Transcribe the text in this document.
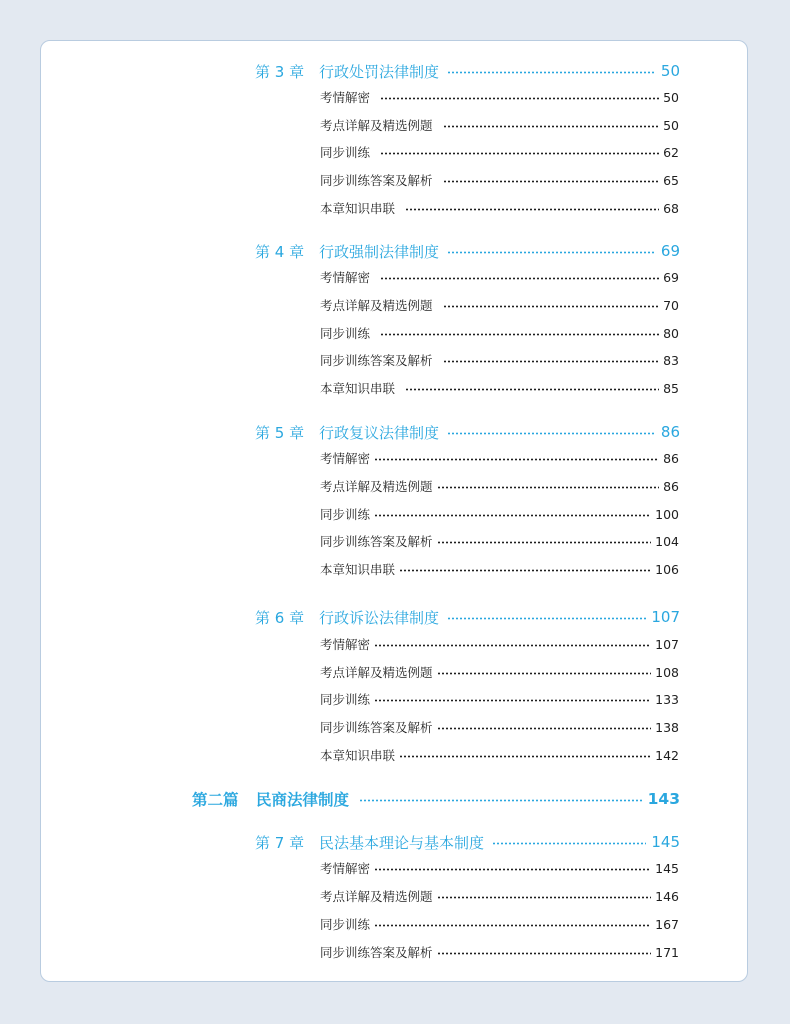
第 3 章 行政处罚法律制度	50
考情解密	50
考点详解及精选例题	50
同步训练	62
同步训练答案及解析	65
本章知识串联	68
第 4 章 行政强制法律制度	69
考情解密	69
考点详解及精选例题	70
同步训练	80
同步训练答案及解析	83
本章知识串联	85
第 5 章 行政复议法律制度	86
考情解密	86
考点详解及精选例题	86
同步训练	100
同步训练答案及解析	104
本章知识串联	106
第 6 章 行政诉讼法律制度	107
考情解密	107
考点详解及精选例题	108
同步训练	133
同步训练答案及解析	138
本章知识串联	142
第二篇	民商法律制度	143
第 7 章 民法基本理论与基本制度	145
考情解密	145
考点详解及精选例题	146
同步训练	167
同步训练答案及解析	171
